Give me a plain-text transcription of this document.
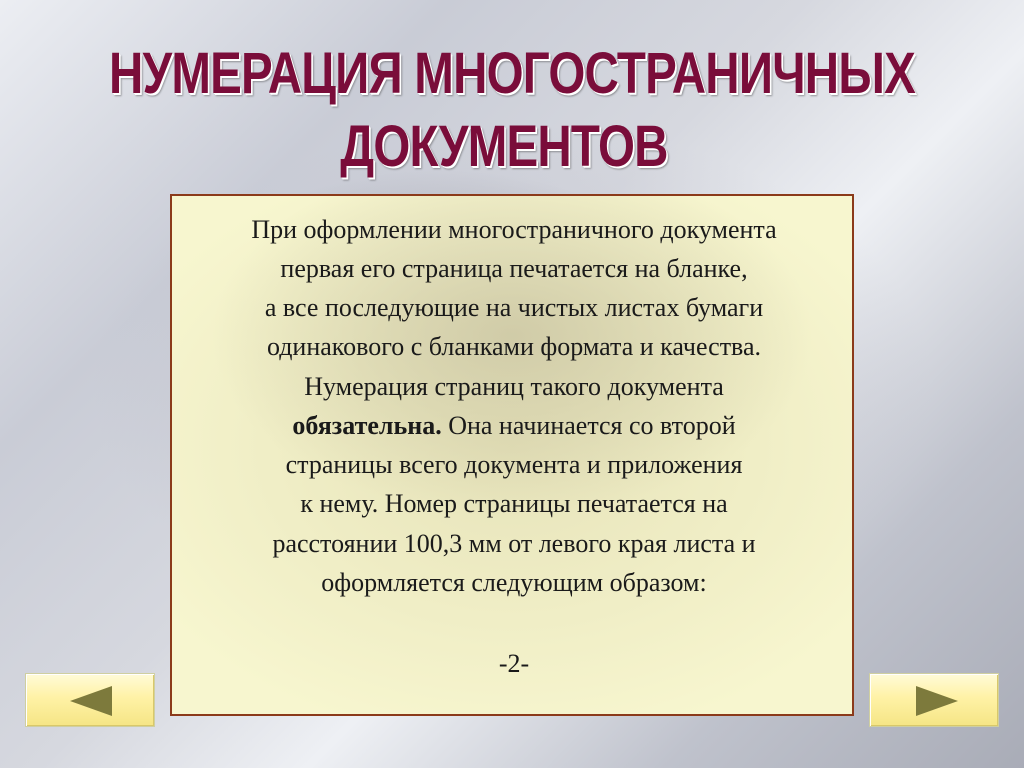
НУМЕРАЦИЯ МНОГОСТРАНИЧНЫХ
ДОКУМЕНТОВ
При оформлении многостраничного документа
первая его страница печатается на бланке,
а все последующие на чистых листах бумаги
одинакового с бланками формата и качества.
Нумерация страниц такого документа
обязательна. Она начинается со второй
страницы всего документа и приложения
к нему. Номер страницы печатается на
расстоянии 100,3 мм от левого края листа и
оформляется следующим образом:
-2-
